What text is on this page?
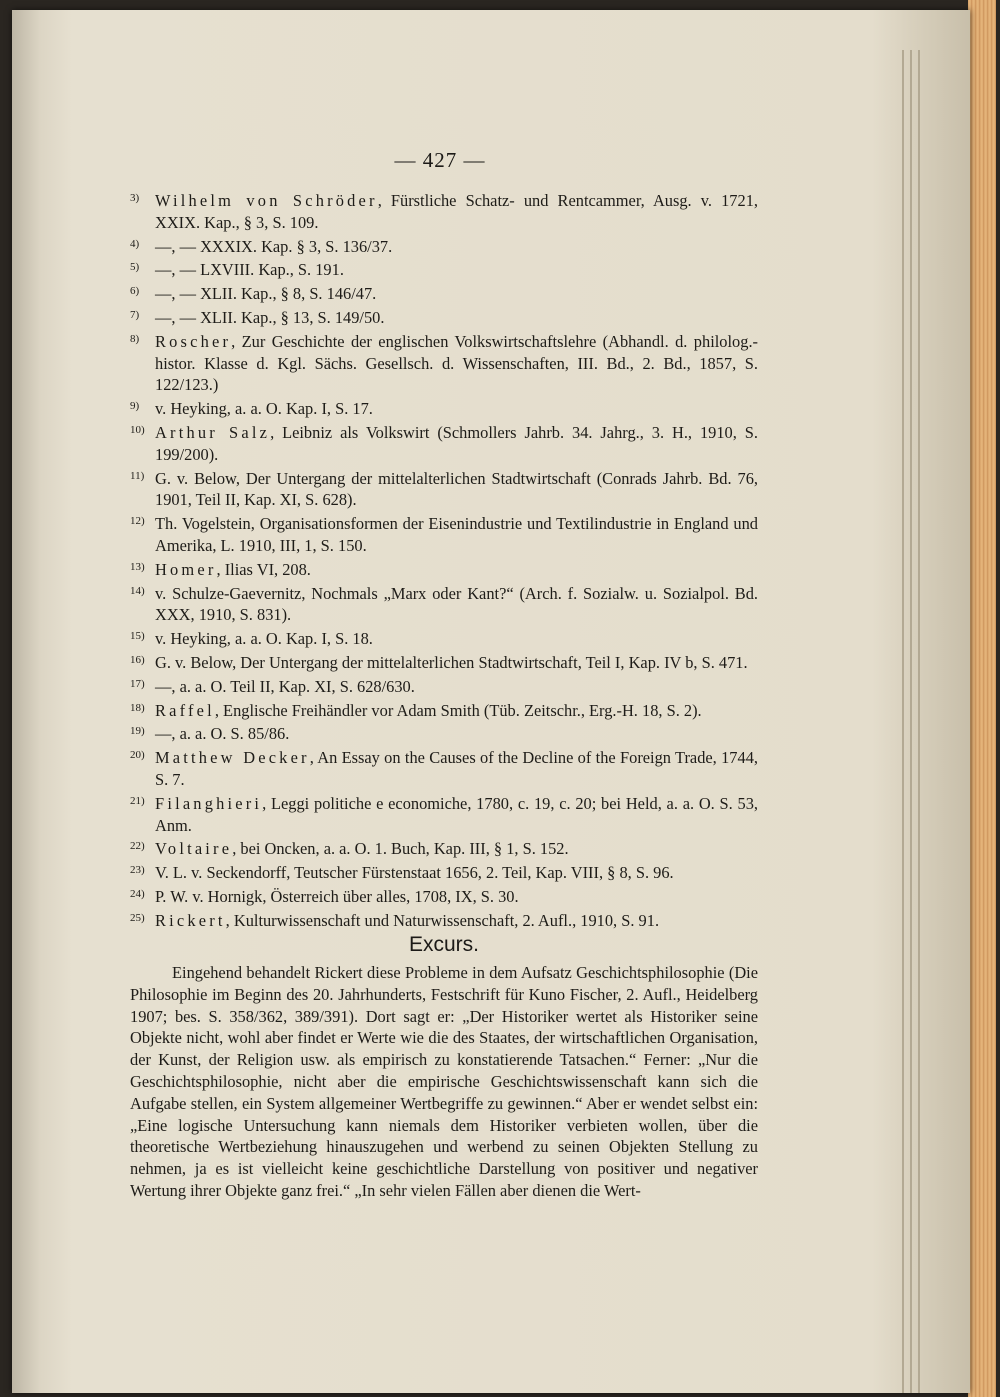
— 427 —
3) Wilhelm von Schröder, Fürstliche Schatz- und Rentcammer, Ausg. v. 1721, XXIX. Kap., § 3, S. 109.
4) —, — XXXIX. Kap. § 3, S. 136/37.
5) —, — LXVIII. Kap., S. 191.
6) —, — XLII. Kap., § 8, S. 146/47.
7) —, — XLII. Kap., § 13, S. 149/50.
8) Roscher, Zur Geschichte der englischen Volkswirtschaftslehre (Abhandl. d. philolog.-histor. Klasse d. Kgl. Sächs. Gesellsch. d. Wissenschaften, III. Bd., 2. Bd., 1857, S. 122/123.)
9) v. Heyking, a. a. O. Kap. I, S. 17.
10) Arthur Salz, Leibniz als Volkswirt (Schmollers Jahrb. 34. Jahrg., 3. H., 1910, S. 199/200).
11) G. v. Below, Der Untergang der mittelalterlichen Stadtwirtschaft (Conrads Jahrb. Bd. 76, 1901, Teil II, Kap. XI, S. 628).
12) Th. Vogelstein, Organisationsformen der Eisenindustrie und Textilindustrie in England und Amerika, L. 1910, III, 1, S. 150.
13) Homer, Ilias VI, 208.
14) v. Schulze-Gaevernitz, Nochmals „Marx oder Kant?“ (Arch. f. Sozialw. u. Sozialpol. Bd. XXX, 1910, S. 831).
15) v. Heyking, a. a. O. Kap. I, S. 18.
16) G. v. Below, Der Untergang der mittelalterlichen Stadtwirtschaft, Teil I, Kap. IV b, S. 471.
17) —, a. a. O. Teil II, Kap. XI, S. 628/630.
18) Raffel, Englische Freihändler vor Adam Smith (Tüb. Zeitschr., Erg.-H. 18, S. 2).
19) —, a. a. O. S. 85/86.
20) Matthew Decker, An Essay on the Causes of the Decline of the Foreign Trade, 1744, S. 7.
21) Filanghieri, Leggi politiche e economiche, 1780, c. 19, c. 20; bei Held, a. a. O. S. 53, Anm.
22) Voltaire, bei Oncken, a. a. O. 1. Buch, Kap. III, § 1, S. 152.
23) V. L. v. Seckendorff, Teutscher Fürstenstaat 1656, 2. Teil, Kap. VIII, § 8, S. 96.
24) P. W. v. Hornigk, Österreich über alles, 1708, IX, S. 30.
25) Rickert, Kulturwissenschaft und Naturwissenschaft, 2. Aufl., 1910, S. 91.
Excurs.
Eingehend behandelt Rickert diese Probleme in dem Aufsatz Geschichtsphilosophie (Die Philosophie im Beginn des 20. Jahrhunderts, Festschrift für Kuno Fischer, 2. Aufl., Heidelberg 1907; bes. S. 358/362, 389/391). Dort sagt er: „Der Historiker wertet als Historiker seine Objekte nicht, wohl aber findet er Werte wie die des Staates, der wirtschaftlichen Organisation, der Kunst, der Religion usw. als empirisch zu konstatierende Tatsachen.“ Ferner: „Nur die Geschichtsphilosophie, nicht aber die empirische Geschichtswissenschaft kann sich die Aufgabe stellen, ein System allgemeiner Wertbegriffe zu gewinnen.“ Aber er wendet selbst ein: „Eine logische Untersuchung kann niemals dem Historiker verbieten wollen, über die theoretische Wertbeziehung hinauszugehen und werbend zu seinen Objekten Stellung zu nehmen, ja es ist vielleicht keine geschichtliche Darstellung von positiver und negativer Wertung ihrer Objekte ganz frei.“ „In sehr vielen Fällen aber dienen die Wert-
